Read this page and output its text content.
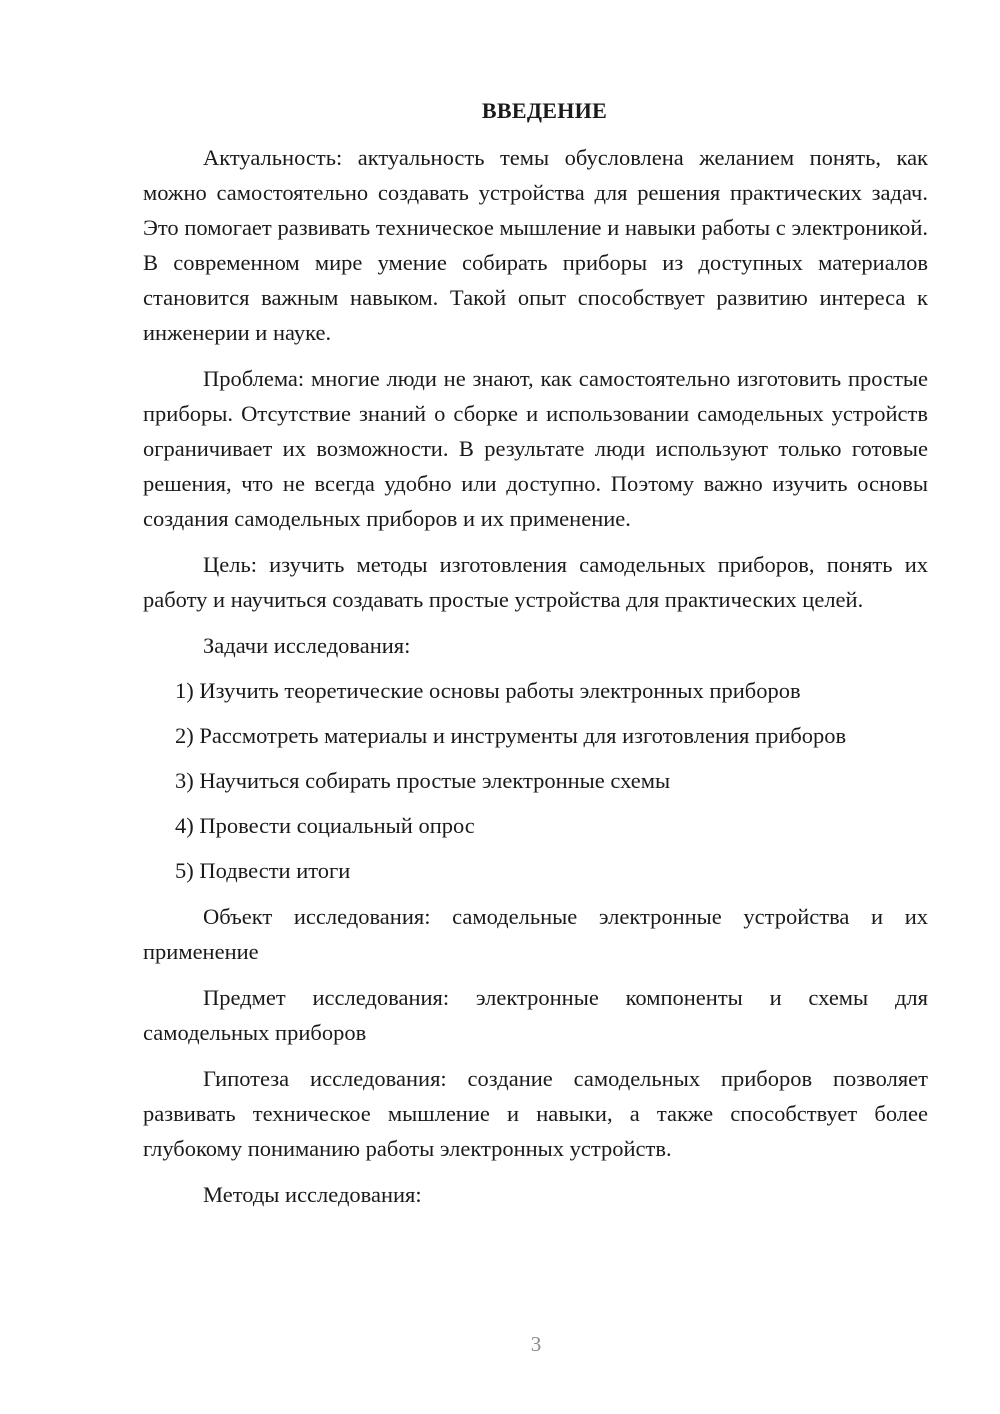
ВВЕДЕНИЕ

Актуальность: актуальность темы обусловлена желанием понять, как можно самостоятельно создавать устройства для решения практических задач. Это помогает развивать техническое мышление и навыки работы с электроникой. В современном мире умение собирать приборы из доступных материалов становится важным навыком. Такой опыт способствует развитию интереса к инженерии и науке.

Проблема: многие люди не знают, как самостоятельно изготовить простые приборы. Отсутствие знаний о сборке и использовании самодельных устройств ограничивает их возможности. В результате люди используют только готовые решения, что не всегда удобно или доступно. Поэтому важно изучить основы создания самодельных приборов и их применение.

Цель: изучить методы изготовления самодельных приборов, понять их работу и научиться создавать простые устройства для практических целей.

Задачи исследования:

1) Изучить теоретические основы работы электронных приборов

2) Рассмотреть материалы и инструменты для изготовления приборов

3) Научиться собирать простые электронные схемы

4) Провести социальный опрос

5) Подвести итоги

Объект исследования: самодельные электронные устройства и их применение

Предмет исследования: электронные компоненты и схемы для самодельных приборов

Гипотеза исследования: создание самодельных приборов позволяет развивать техническое мышление и навыки, а также способствует более глубокому пониманию работы электронных устройств.

Методы исследования:

3
